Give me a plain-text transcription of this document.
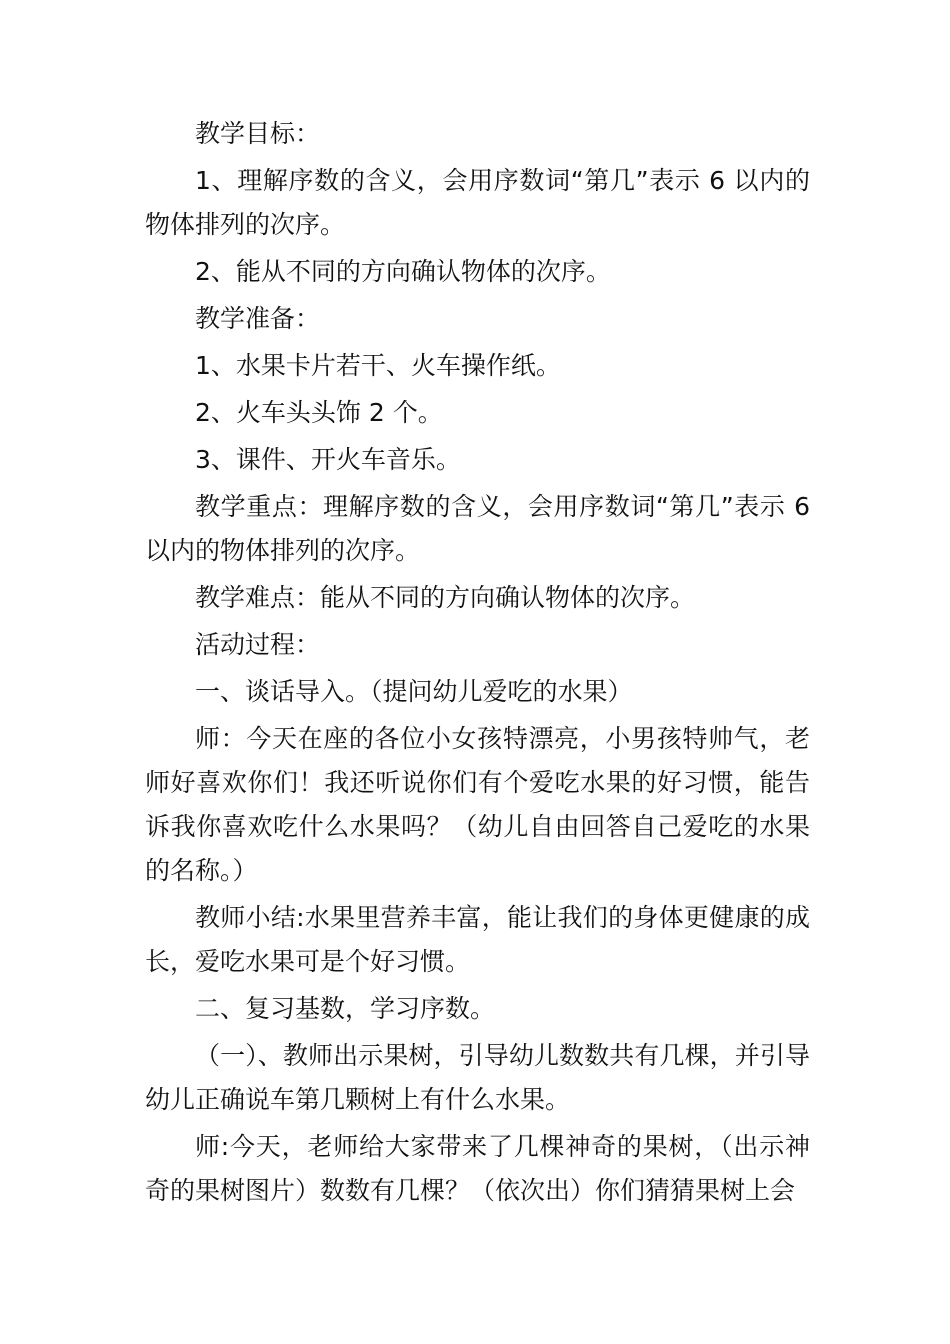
教学目标：

1、理解序数的含义，会用序数词“第几”表示 6 以内的物体排列的次序。

2、能从不同的方向确认物体的次序。

教学准备：

1、水果卡片若干、火车操作纸。

2、火车头头饰 2 个。

3、课件、开火车音乐。

教学重点：理解序数的含义，会用序数词“第几”表示 6 以内的物体排列的次序。

教学难点：能从不同的方向确认物体的次序。

活动过程：

一、谈话导入。（提问幼儿爱吃的水果）

师：今天在座的各位小女孩特漂亮，小男孩特帅气，老师好喜欢你们！我还听说你们有个爱吃水果的好习惯，能告诉我你喜欢吃什么水果吗？（幼儿自由回答自己爱吃的水果的名称。）

教师小结:水果里营养丰富，能让我们的身体更健康的成长，爱吃水果可是个好习惯。

二、复习基数，学习序数。

（一）、教师出示果树，引导幼儿数数共有几棵，并引导幼儿正确说车第几颗树上有什么水果。

师:今天，老师给大家带来了几棵神奇的果树，（出示神奇的果树图片）数数有几棵？（依次出）你们猜猜果树上会
